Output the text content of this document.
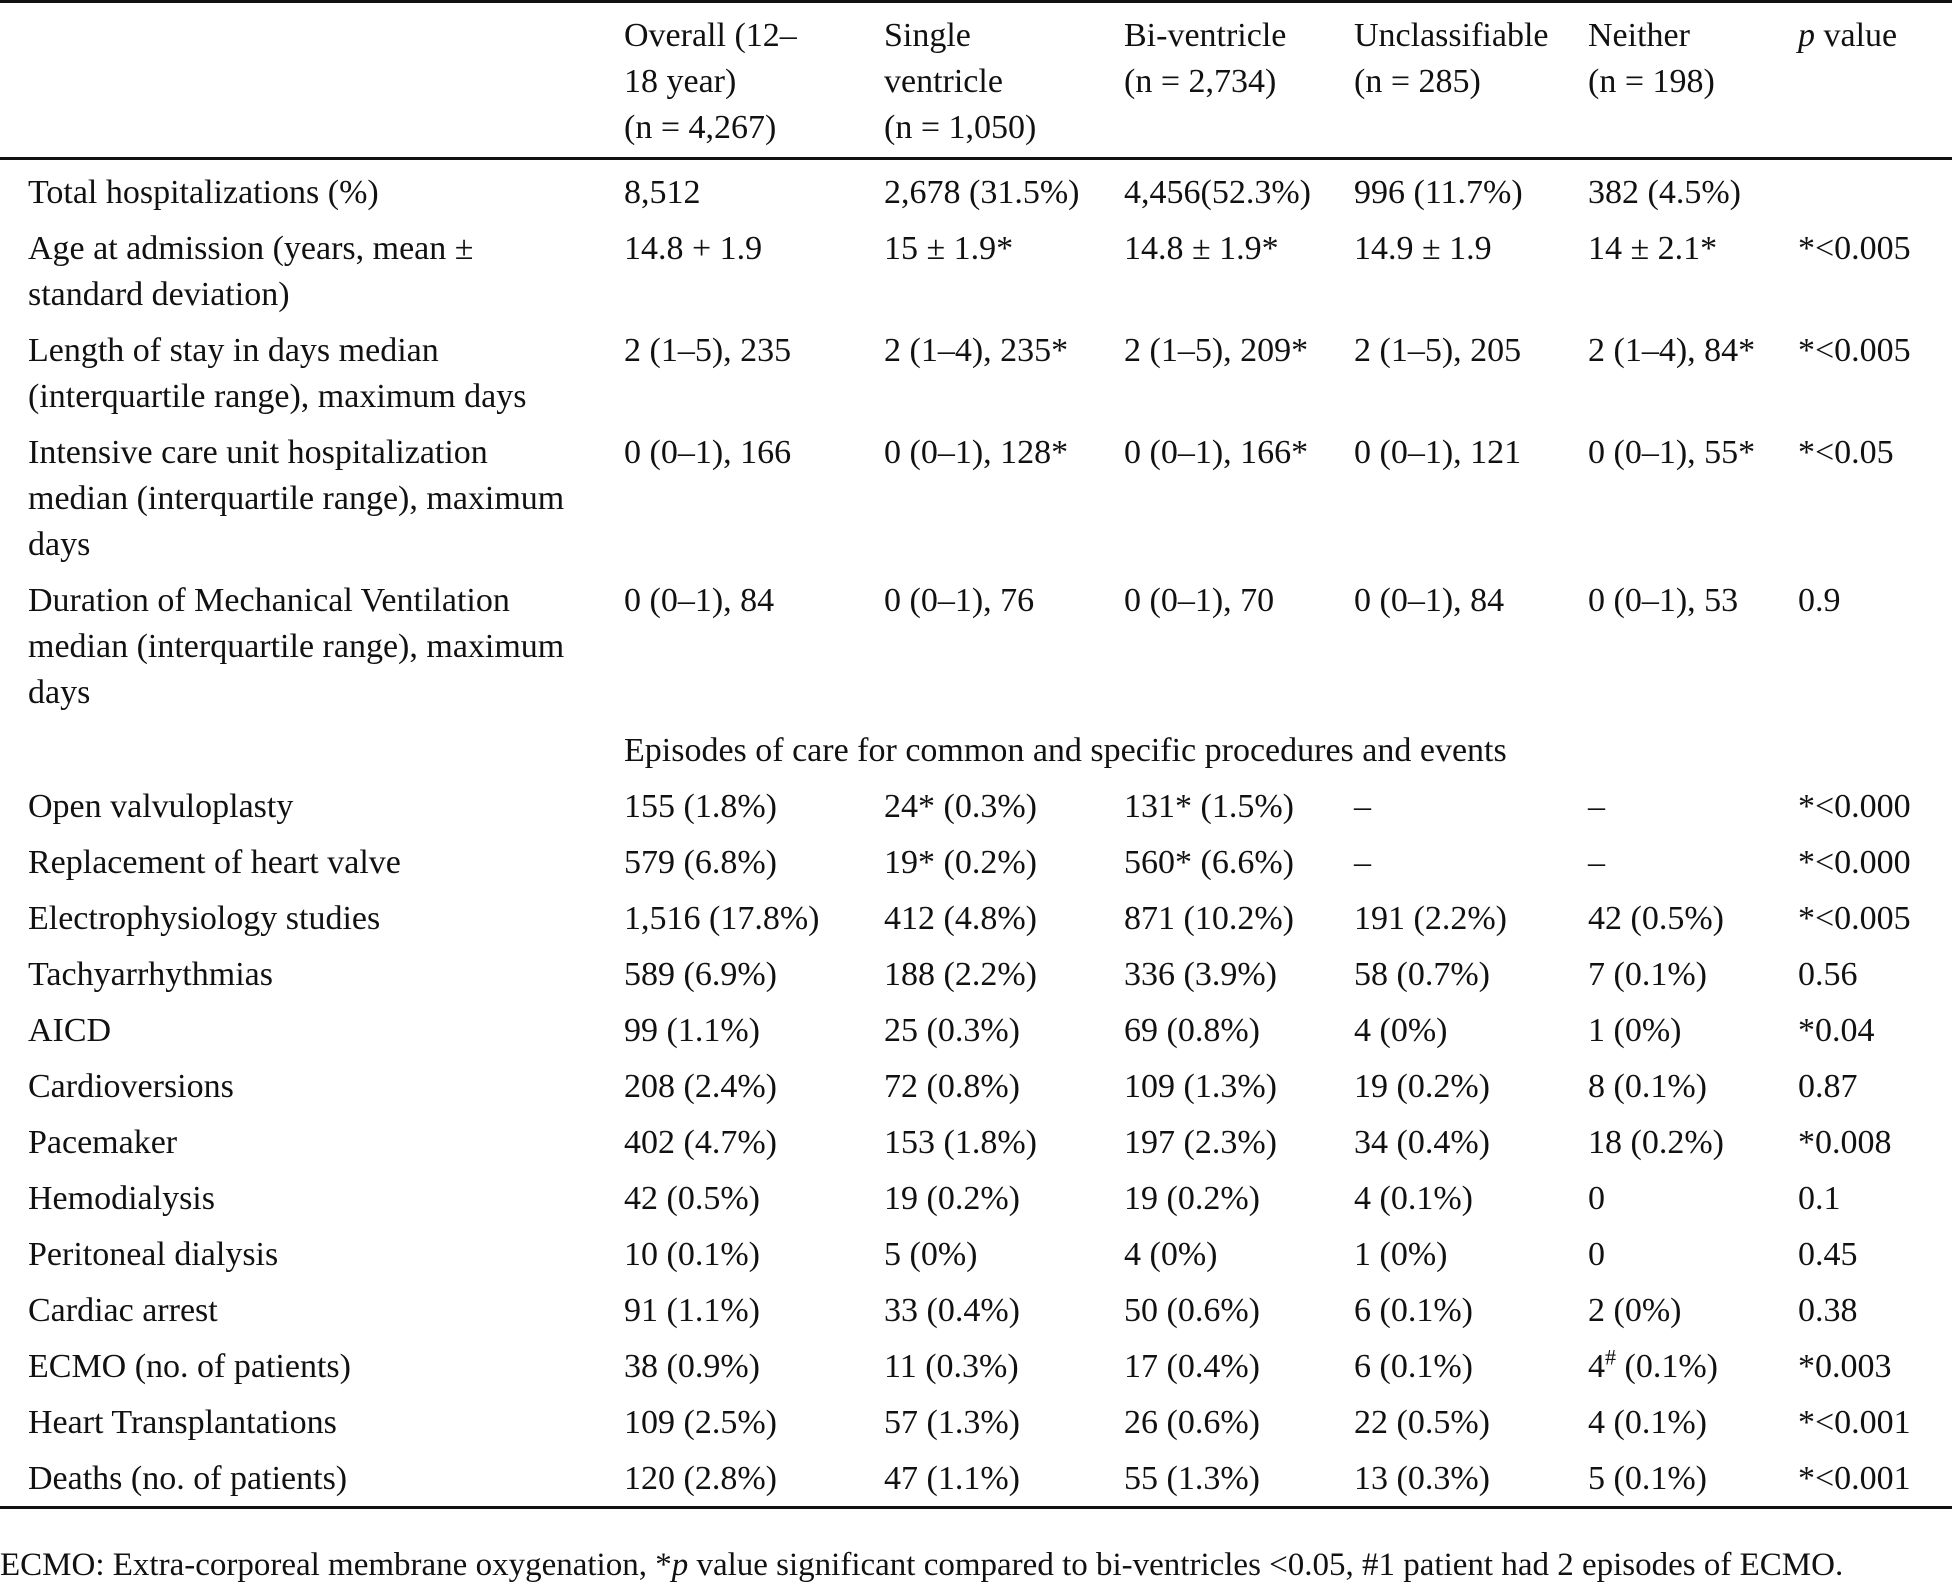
	Overall (12–
18 year)
(n = 4,267)	Single
ventricle
(n = 1,050)	Bi-ventricle
(n = 2,734)	Unclassifiable
(n = 285)	Neither
(n = 198)	p value
Total hospitalizations (%)	8,512	2,678 (31.5%)	4,456(52.3%)	996 (11.7%)	382 (4.5%)	
Age at admission (years, mean ± standard deviation)	14.8 + 1.9	15 ± 1.9*	14.8 ± 1.9*	14.9 ± 1.9	14 ± 2.1*	*<0.005
Length of stay in days median (interquartile range), maximum days	2 (1–5), 235	2 (1–4), 235*	2 (1–5), 209*	2 (1–5), 205	2 (1–4), 84*	*<0.005
Intensive care unit hospitalization median (interquartile range), maximum days	0 (0–1), 166	0 (0–1), 128*	0 (0–1), 166*	0 (0–1), 121	0 (0–1), 55*	*<0.05
Duration of Mechanical Ventilation median (interquartile range), maximum days	0 (0–1), 84	0 (0–1), 76	0 (0–1), 70	0 (0–1), 84	0 (0–1), 53	0.9
	Episodes of care for common and specific procedures and events					
Open valvuloplasty	155 (1.8%)	24* (0.3%)	131* (1.5%)	–	–	*<0.000
Replacement of heart valve	579 (6.8%)	19* (0.2%)	560* (6.6%)	–	–	*<0.000
Electrophysiology studies	1,516 (17.8%)	412 (4.8%)	871 (10.2%)	191 (2.2%)	42 (0.5%)	*<0.005
Tachyarrhythmias	589 (6.9%)	188 (2.2%)	336 (3.9%)	58 (0.7%)	7 (0.1%)	0.56
AICD	99 (1.1%)	25 (0.3%)	69 (0.8%)	4 (0%)	1 (0%)	*0.04
Cardioversions	208 (2.4%)	72 (0.8%)	109 (1.3%)	19 (0.2%)	8 (0.1%)	0.87
Pacemaker	402 (4.7%)	153 (1.8%)	197 (2.3%)	34 (0.4%)	18 (0.2%)	*0.008
Hemodialysis	42 (0.5%)	19 (0.2%)	19 (0.2%)	4 (0.1%)	0	0.1
Peritoneal dialysis	10 (0.1%)	5 (0%)	4 (0%)	1 (0%)	0	0.45
Cardiac arrest	91 (1.1%)	33 (0.4%)	50 (0.6%)	6 (0.1%)	2 (0%)	0.38
ECMO (no. of patients)	38 (0.9%)	11 (0.3%)	17 (0.4%)	6 (0.1%)	4# (0.1%)	*0.003
Heart Transplantations	109 (2.5%)	57 (1.3%)	26 (0.6%)	22 (0.5%)	4 (0.1%)	*<0.001
Deaths (no. of patients)	120 (2.8%)	47 (1.1%)	55 (1.3%)	13 (0.3%)	5 (0.1%)	*<0.001
ECMO: Extra-corporeal membrane oxygenation, *p value significant compared to bi-ventricles <0.05, #1 patient had 2 episodes of ECMO.
